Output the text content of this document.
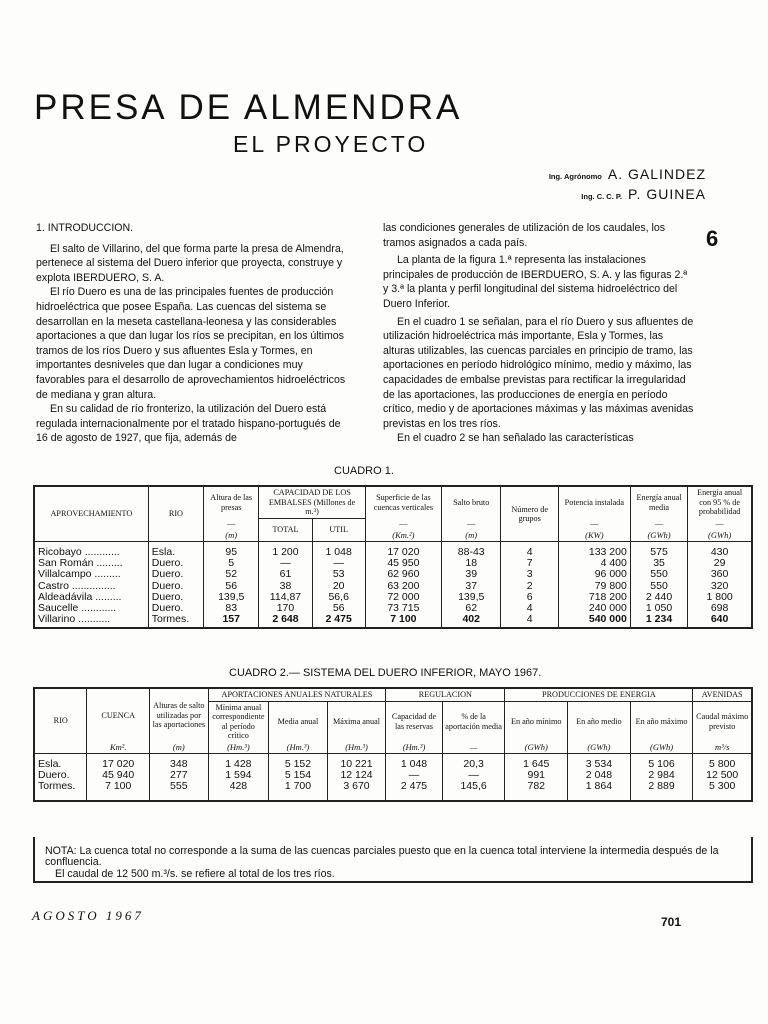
PRESA DE ALMENDRA
EL PROYECTO
Ing. Agrónomo A. GALINDEZ
Ing. C. C. P. P. GUINEA
6
1. INTRODUCCION.

El salto de Villarino, del que forma parte la presa de Almendra, pertenece al sistema del Duero inferior que proyecta, construye y explota IBERDUERO, S. A.

El río Duero es una de las principales fuentes de producción hidroeléctrica que posee España. Las cuencas del sistema se desarrollan en la meseta castellana-leonesa y las considerables aportaciones a que dan lugar los ríos se precipitan, en los últimos tramos de los ríos Duero y sus afluentes Esla y Tormes, en importantes desniveles que dan lugar a condiciones muy favorables para el desarrollo de aprovechamientos hidroeléctricos de mediana y gran altura.

En su calidad de río fronterizo, la utilización del Duero está regulada internacionalmente por el tratado hispano-portugués de 16 de agosto de 1927, que fija, además de

las condiciones generales de utilización de los caudales, los tramos asignados a cada país.

La planta de la figura 1.ª representa las instalaciones principales de producción de IBERDUERO, S. A. y las figuras 2.ª y 3.ª la planta y perfil longitudinal del sistema hidroeléctrico del Duero Inferior.

En el cuadro 1 se señalan, para el río Duero y sus afluentes de utilización hidroeléctrica más importante, Esla y Tormes, las alturas utilizables, las cuencas parciales en principio de tramo, las aportaciones en período hidrológico mínimo, medio y máximo, las capacidades de embalse previstas para rectificar la irregularidad de las aportaciones, las producciones de energía en período crítico, medio y de aportaciones máximas y las máximas avenidas previstas en los tres ríos.

En el cuadro 2 se han señalado las características

CUADRO 1.
APROVECHAMIENTO	RIO	Altura de las presas	CAPACIDAD DE LOS EMBALSES (Millones de m.³)		Superficie de las cuencas verticales	Salto bruto	Número de grupos	Potencia instalada	Energía anual media	Energía anual con 95 % de probabilidad
		—	TOTAL	UTIL	—	—		—	—	—
		(m)			(Km.²)	(m)		(KW)	(GWh)	(GWh)
Ricobayo ............	Esla.	95	1 200	1 048	17 020	88-43	4	133 200	575	430
San Román .........	Duero.	5	—	—	45 950	18	7	4 400	35	29
Villalcampo .........	Duero.	52	61	53	62 960	39	3	96 000	550	360
Castro ...............	Duero.	56	38	20	63 200	37	2	79 800	550	320
Aldeadávila .........	Duero.	139,5	114,87	56,6	72 000	139,5	6	718 200	2 440	1 800
Saucelle ............	Duero.	83	170	56	73 715	62	4	240 000	1 050	698
Villarino ...........	Tormes.	157	2 648	2 475	7 100	402	4	540 000	1 234	640
CUADRO 2.— SISTEMA DEL DUERO INFERIOR, MAYO 1967.
RIO	CUENCA	Alturas de salto utilizadas por las aportaciones	APORTACIONES ANUALES NATURALES			REGULACION		PRODUCCIONES DE ENERGIA			AVENIDAS
			Mínima anual correspondiente al período crítico	Media anual	Máxima anual	Capacidad de las reservas	% de la aportación media	En año mínimo	En año medio	En año máximo	Caudal máximo previsto
	Km².	(m)	(Hm.³)	(Hm.³)	(Hm.³)	(Hm.³)	—	(GWh)	(GWh)	(GWh)	m³/s
Esla.	17 020	348	1 428	5 152	10 221	1 048	20,3	1 645	3 534	5 106	5 800
Duero.	45 940	277	1 594	5 154	12 124	—	—	991	2 048	2 984	12 500
Tormes.	7 100	555	428	1 700	3 670	2 475	145,6	782	1 864	2 889	5 300

NOTA: La cuenca total no corresponde a la suma de las cuencas parciales puesto que en la cuenca total interviene la intermedia después de la confluencia.

El caudal de 12 500 m.³/s. se refiere al total de los tres ríos.

AGOSTO 1967	701
